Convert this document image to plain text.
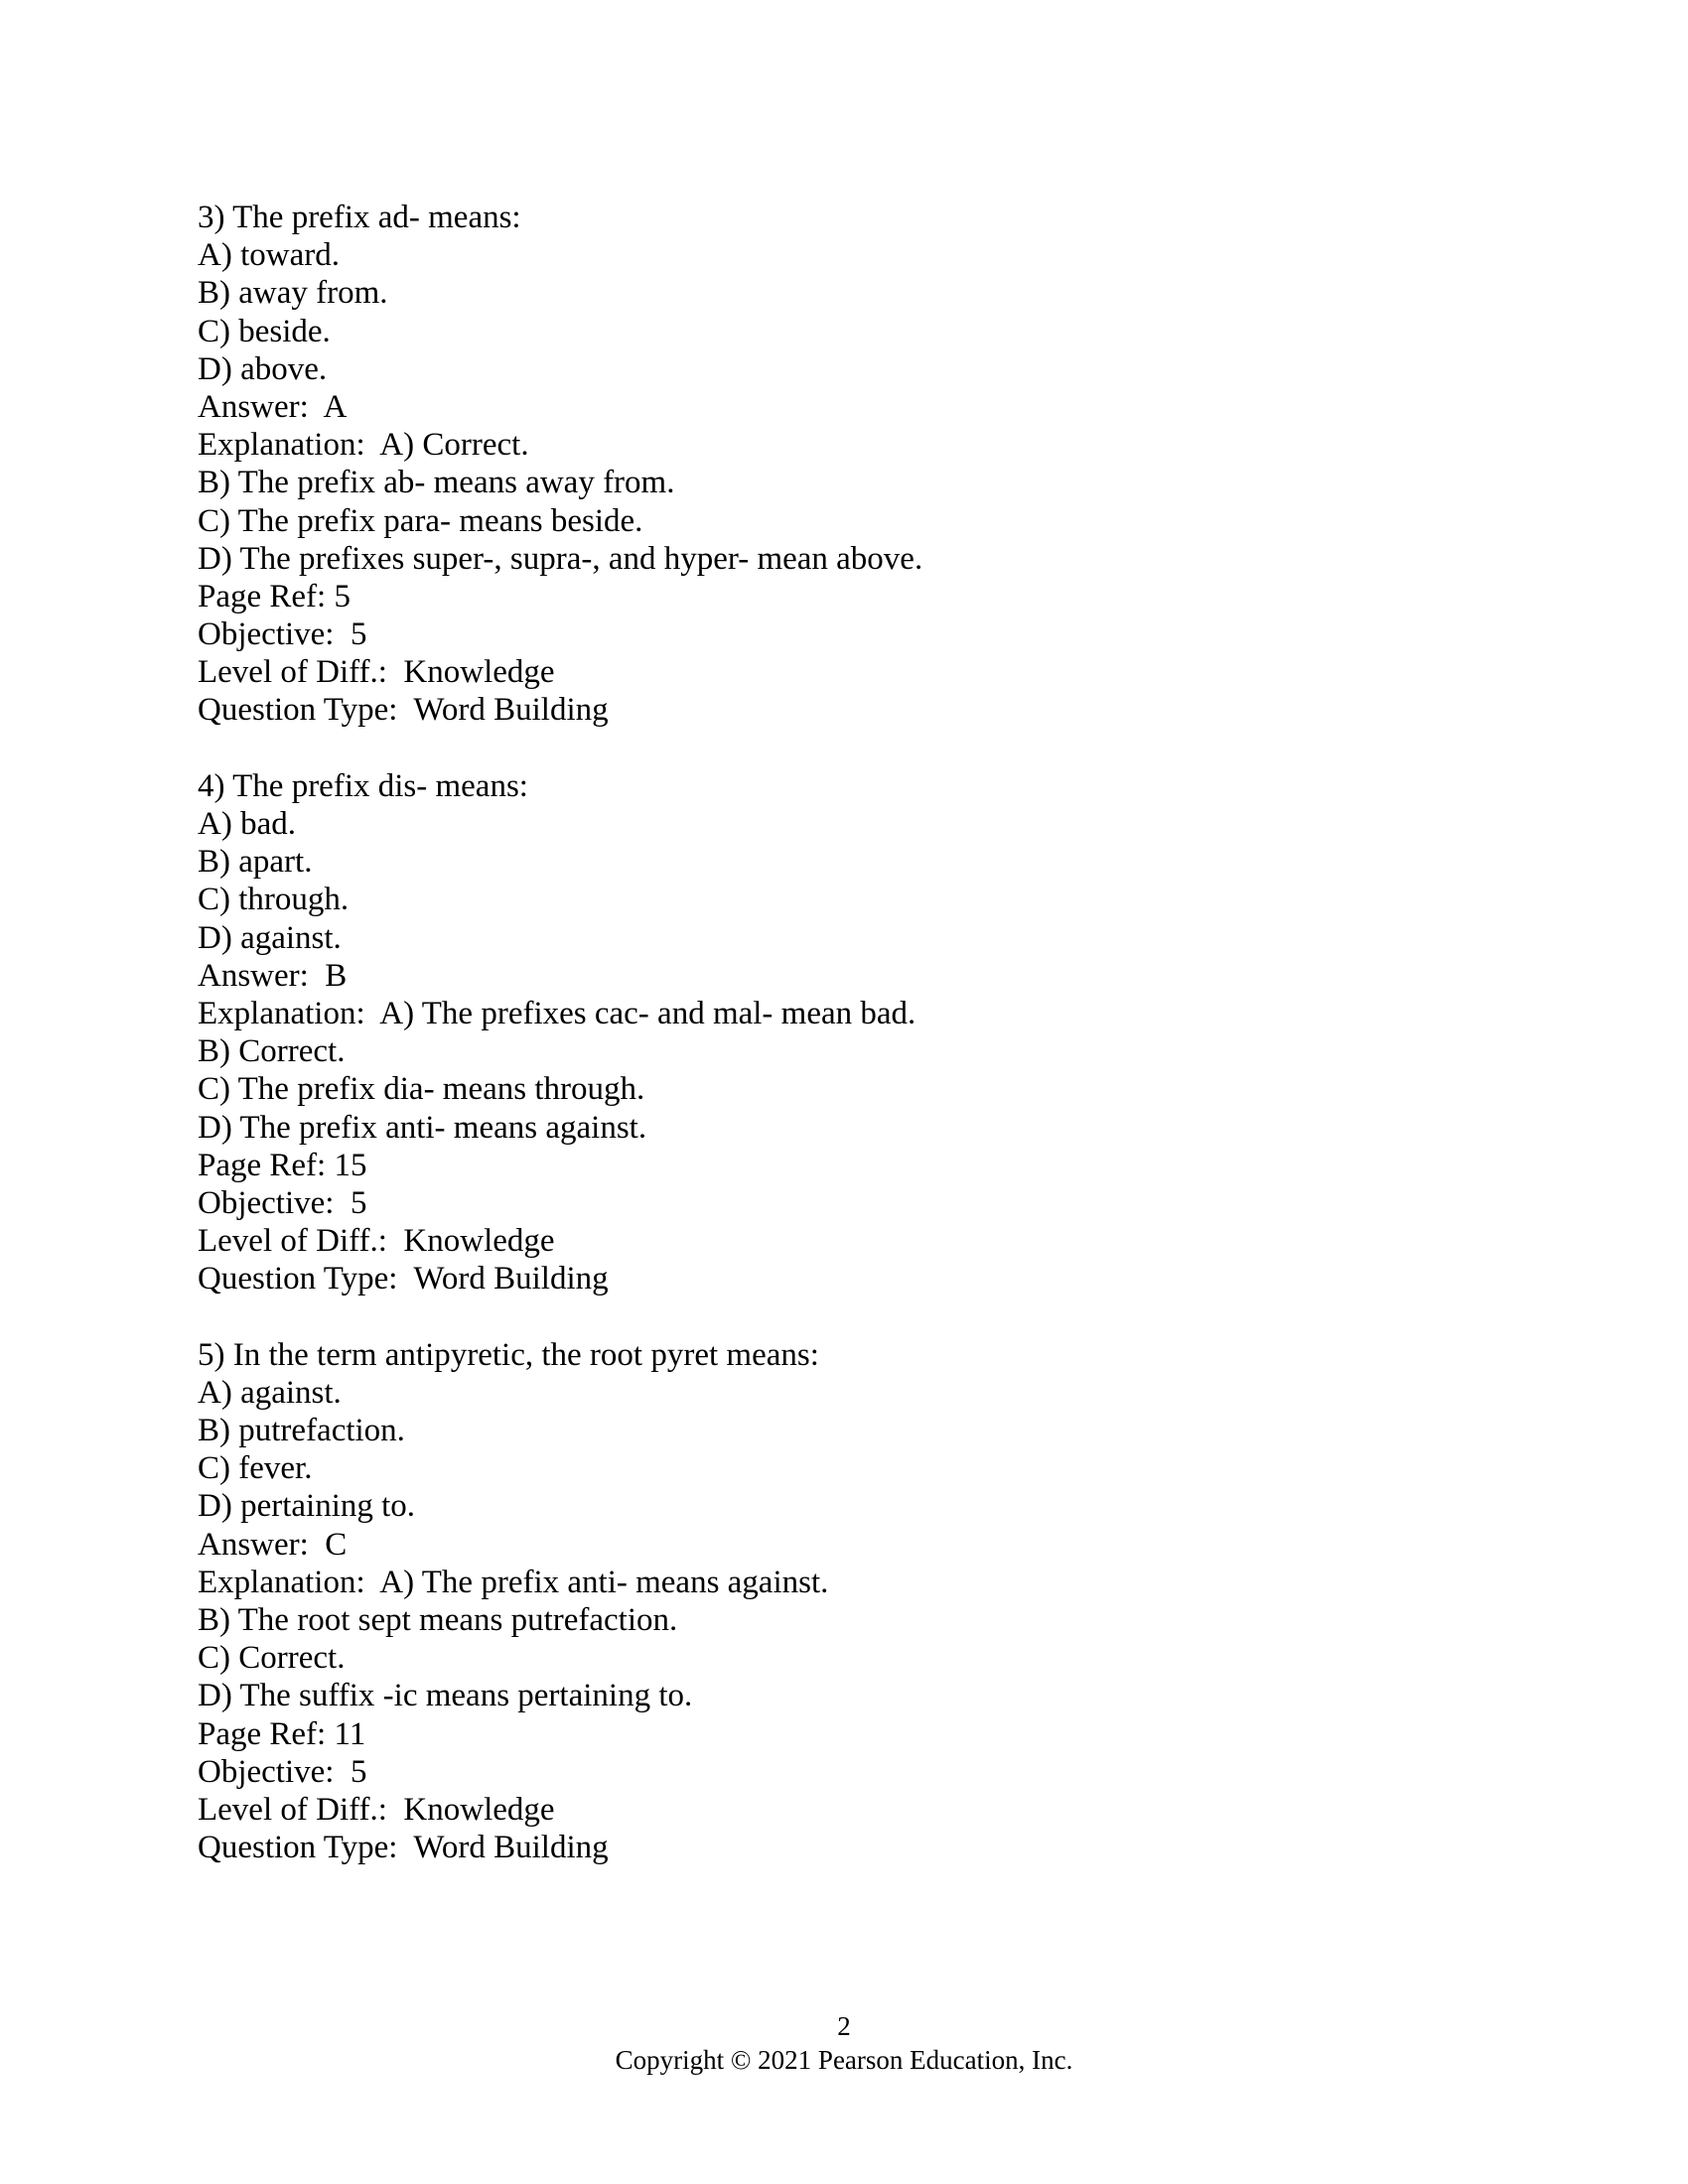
3) The prefix ad- means:
A) toward.
B) away from.
C) beside.
D) above.
Answer:  A
Explanation:  A) Correct.
B) The prefix ab- means away from.
C) The prefix para- means beside.
D) The prefixes super-, supra-, and hyper- mean above.
Page Ref: 5
Objective:  5
Level of Diff.:  Knowledge
Question Type:  Word Building
4) The prefix dis- means:
A) bad.
B) apart.
C) through.
D) against.
Answer:  B
Explanation:  A) The prefixes cac- and mal- mean bad.
B) Correct.
C) The prefix dia- means through.
D) The prefix anti- means against.
Page Ref: 15
Objective:  5
Level of Diff.:  Knowledge
Question Type:  Word Building
5) In the term antipyretic, the root pyret means:
A) against.
B) putrefaction.
C) fever.
D) pertaining to.
Answer:  C
Explanation:  A) The prefix anti- means against.
B) The root sept means putrefaction.
C) Correct.
D) The suffix -ic means pertaining to.
Page Ref: 11
Objective:  5
Level of Diff.:  Knowledge
Question Type:  Word Building
2
Copyright © 2021 Pearson Education, Inc.
